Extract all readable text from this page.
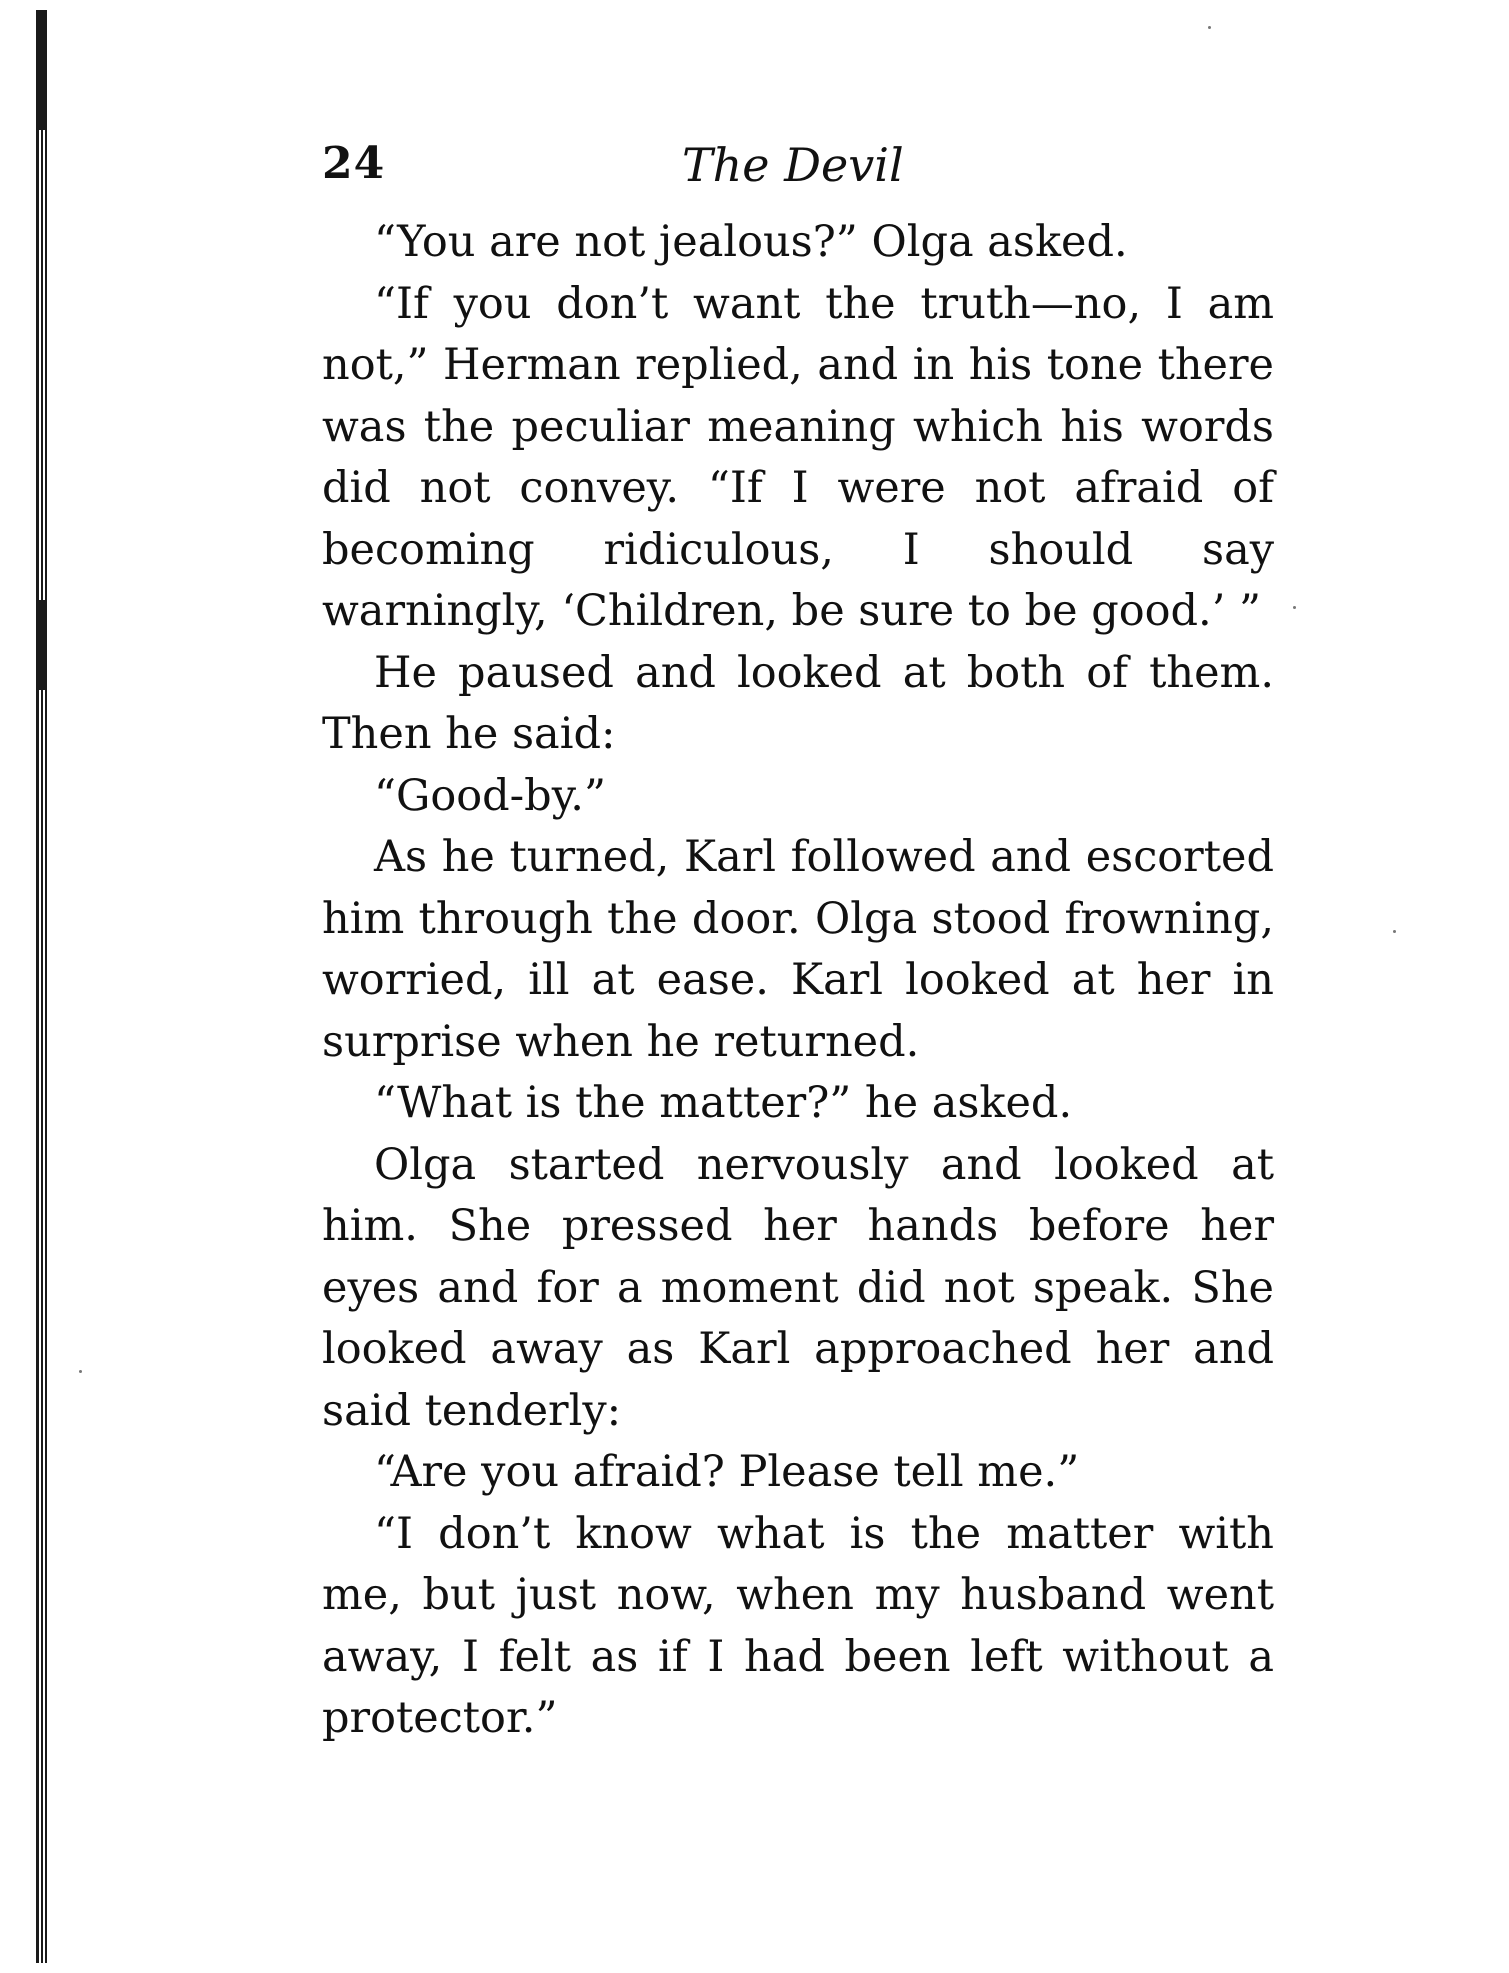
24	The Devil

“You are not jealous?” Olga asked.

“If you don’t want the truth—no, I am not,” Herman replied, and in his tone there was the peculiar meaning which his words did not convey. “If I were not afraid of becoming ridiculous, I should say warningly, ‘Children, be sure to be good.’ ”

He paused and looked at both of them. Then he said:

“Good-by.”

As he turned, Karl followed and escorted him through the door. Olga stood frowning, worried, ill at ease. Karl looked at her in surprise when he returned.

“What is the matter?” he asked.

Olga started nervously and looked at him. She pressed her hands before her eyes and for a moment did not speak. She looked away as Karl approached her and said tenderly:

“Are you afraid? Please tell me.”

“I don’t know what is the matter with me, but just now, when my husband went away, I felt as if I had been left without a protector.”
